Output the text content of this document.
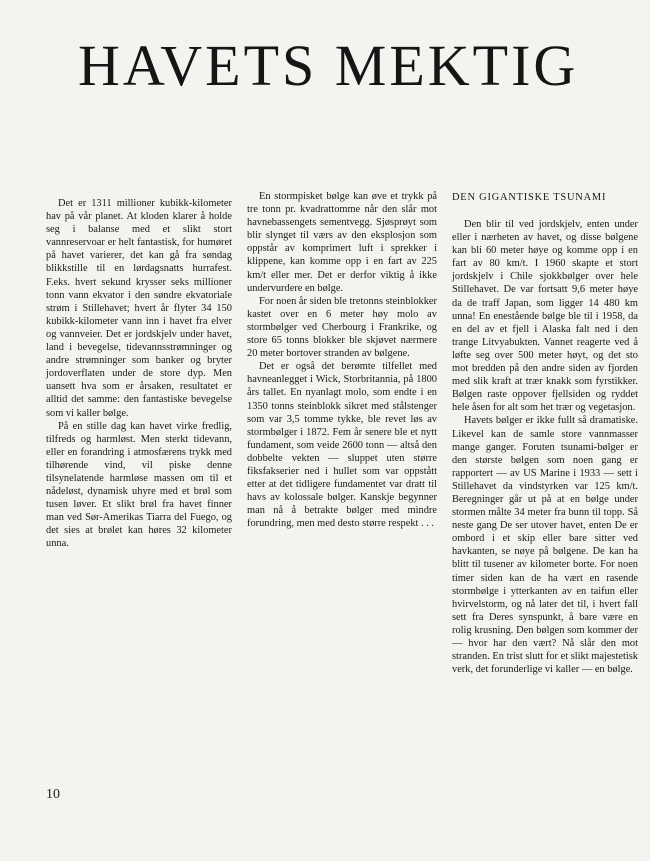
HAVETS MEKTIG

Det er 1311 millioner kubikk-kilometer hav på vår planet. At kloden klarer å holde seg i balanse med et slikt stort vannreservoar er helt fantastisk, for humøret på havet varierer, det kan gå fra søndag blikkstille til en lørdagsnatts hurrafest. F.eks. hvert sekund krysser seks millioner tonn vann ekvator i den søndre ekvatoriale strøm i Stillehavet; hvert år flyter 34 150 kubikk-kilometer vann inn i havet fra elver og vannveier. Det er jordskjelv under havet, land i bevegelse, tidevannsstrømninger og andre strømninger som banker og bryter jordoverflaten under de store dyp. Men uansett hva som er årsaken, resultatet er alltid det samme: den fantastiske bevegelse som vi kaller bølge.

På en stille dag kan havet virke fredlig, tilfreds og harmløst. Men sterkt tidevann, eller en forandring i atmosfærens trykk med tilhørende vind, vil piske denne tilsynelatende harmløse massen om til et nådeløst, dynamisk uhyre med et brøl som tusen løver. Et slikt brøl fra havet finner man ved Sør-Amerikas Tiarra del Fuego, og det sies at brølet kan høres 32 kilometer unna.

En stormpisket bølge kan øve et trykk på tre tonn pr. kvadrattomme når den slår mot havnebassengets sementvegg. Sjøsprøyt som blir slynget til værs av den eksplosjon som oppstår av komprimert luft i sprekker i klippene, kan komme opp i en fart av 225 km/t eller mer. Det er derfor viktig å ikke undervurdere en bølge.

For noen år siden ble tretonns steinblokker kastet over en 6 meter høy molo av stormbølger ved Cherbourg i Frankrike, og store 65 tonns blokker ble skjøvet nærmere 20 meter bortover stranden av bølgene.

Det er også det berømte tilfellet med havneanlegget i Wick, Storbritannia, på 1800 års tallet. En nyanlagt molo, som endte i en 1350 tonns steinblokk sikret med stålstenger som var 3,5 tomme tykke, ble revet løs av stormbølger i 1872. Fem år senere ble et nytt fundament, som veide 2600 tonn — altså den dobbelte vekten — sluppet uten større fiksfakserier ned i hullet som var oppstått etter at det tidligere fundamentet var dratt til havs av kolossale bølger. Kanskje begynner man nå å betrakte bølger med mindre forundring, men med desto større respekt . . .

DEN GIGANTISKE TSUNAMI

Den blir til ved jordskjelv, enten under eller i nærheten av havet, og disse bølgene kan bli 60 meter høye og komme opp i en fart av 80 km/t. I 1960 skapte et stort jordskjelv i Chile sjokkbølger over hele Stillehavet. De var fortsatt 9,6 meter høye da de traff Japan, som ligger 14 480 km unna! En enestående bølge ble til i 1958, da en del av et fjell i Alaska falt ned i den trange Litvyabukten. Vannet reagerte ved å løfte seg over 500 meter høyt, og det sto mot bredden på den andre siden av fjorden med slik kraft at trær knakk som fyrstikker. Bølgen raste oppover fjellsiden og ryddet hele åsen for alt som het trær og vegetasjon.

Havets bølger er ikke fullt så dramatiske. Likevel kan de samle store vannmasser mange ganger. Foruten tsunami-bølger er den største bølgen som noen gang er rapportert — av US Marine i 1933 — sett i Stillehavet da vindstyrken var 125 km/t. Beregninger går ut på at en bølge under stormen målte 34 meter fra bunn til topp. Så neste gang De ser utover havet, enten De er ombord i et skip eller bare sitter ved havkanten, se nøye på bølgene. De kan ha blitt til tusener av kilometer borte. For noen timer siden kan de ha vært en rasende stormbølge i ytterkanten av en taifun eller hvirvelstorm, og nå later det til, i hvert fall sett fra Deres synspunkt, å bare være en rolig krusning. Den bølgen som kommer der — hvor har den vært? Nå slår den mot stranden. En trist slutt for et slikt majestetisk verk, det forunderlige vi kaller — en bølge.

10
